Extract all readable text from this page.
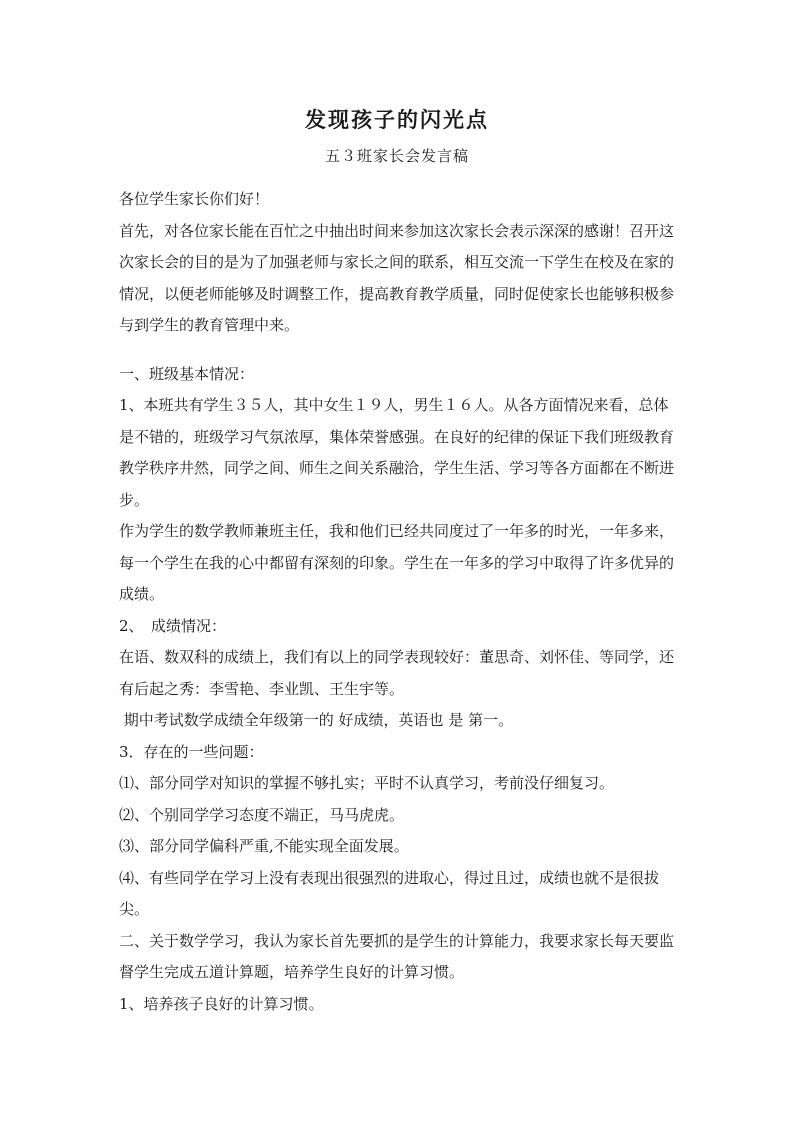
发现孩子的闪光点

五３班家长会发言稿

各位学生家长你们好！

首先，对各位家长能在百忙之中抽出时间来参加这次家长会表示深深的感谢！召开这次家长会的目的是为了加强老师与家长之间的联系，相互交流一下学生在校及在家的情况，以便老师能够及时调整工作，提高教育教学质量，同时促使家长也能够积极参与到学生的教育管理中来。

一、班级基本情况：

1、本班共有学生３５人，其中女生１９人，男生１６人。从各方面情况来看，总体是不错的，班级学习气氛浓厚，集体荣誉感强。在良好的纪律的保证下我们班级教育教学秩序井然，同学之间、师生之间关系融洽，学生生活、学习等各方面都在不断进步。

作为学生的数学教师兼班主任，我和他们已经共同度过了一年多的时光，一年多来，每一个学生在我的心中都留有深刻的印象。学生在一年多的学习中取得了许多优异的成绩。

2、　成绩情况：

在语、数双科的成绩上，我们有以上的同学表现较好：董思奇、刘怀佳、等同学，还有后起之秀：李雪艳、李业凯、王生宇等。

期中考试数学成绩全年级第一的 好成绩，英语也 是 第一。

3．存在的一些问题：

⑴、部分同学对知识的掌握不够扎实；平时不认真学习，考前没仔细复习。

⑵、个别同学学习态度不端正，马马虎虎。

⑶、部分同学偏科严重,不能实现全面发展。

⑷、有些同学在学习上没有表现出很强烈的进取心，得过且过，成绩也就不是很拔尖。

二、关于数学学习，我认为家长首先要抓的是学生的计算能力，我要求家长每天要监督学生完成五道计算题，培养学生良好的计算习惯。

1、培养孩子良好的计算习惯。
